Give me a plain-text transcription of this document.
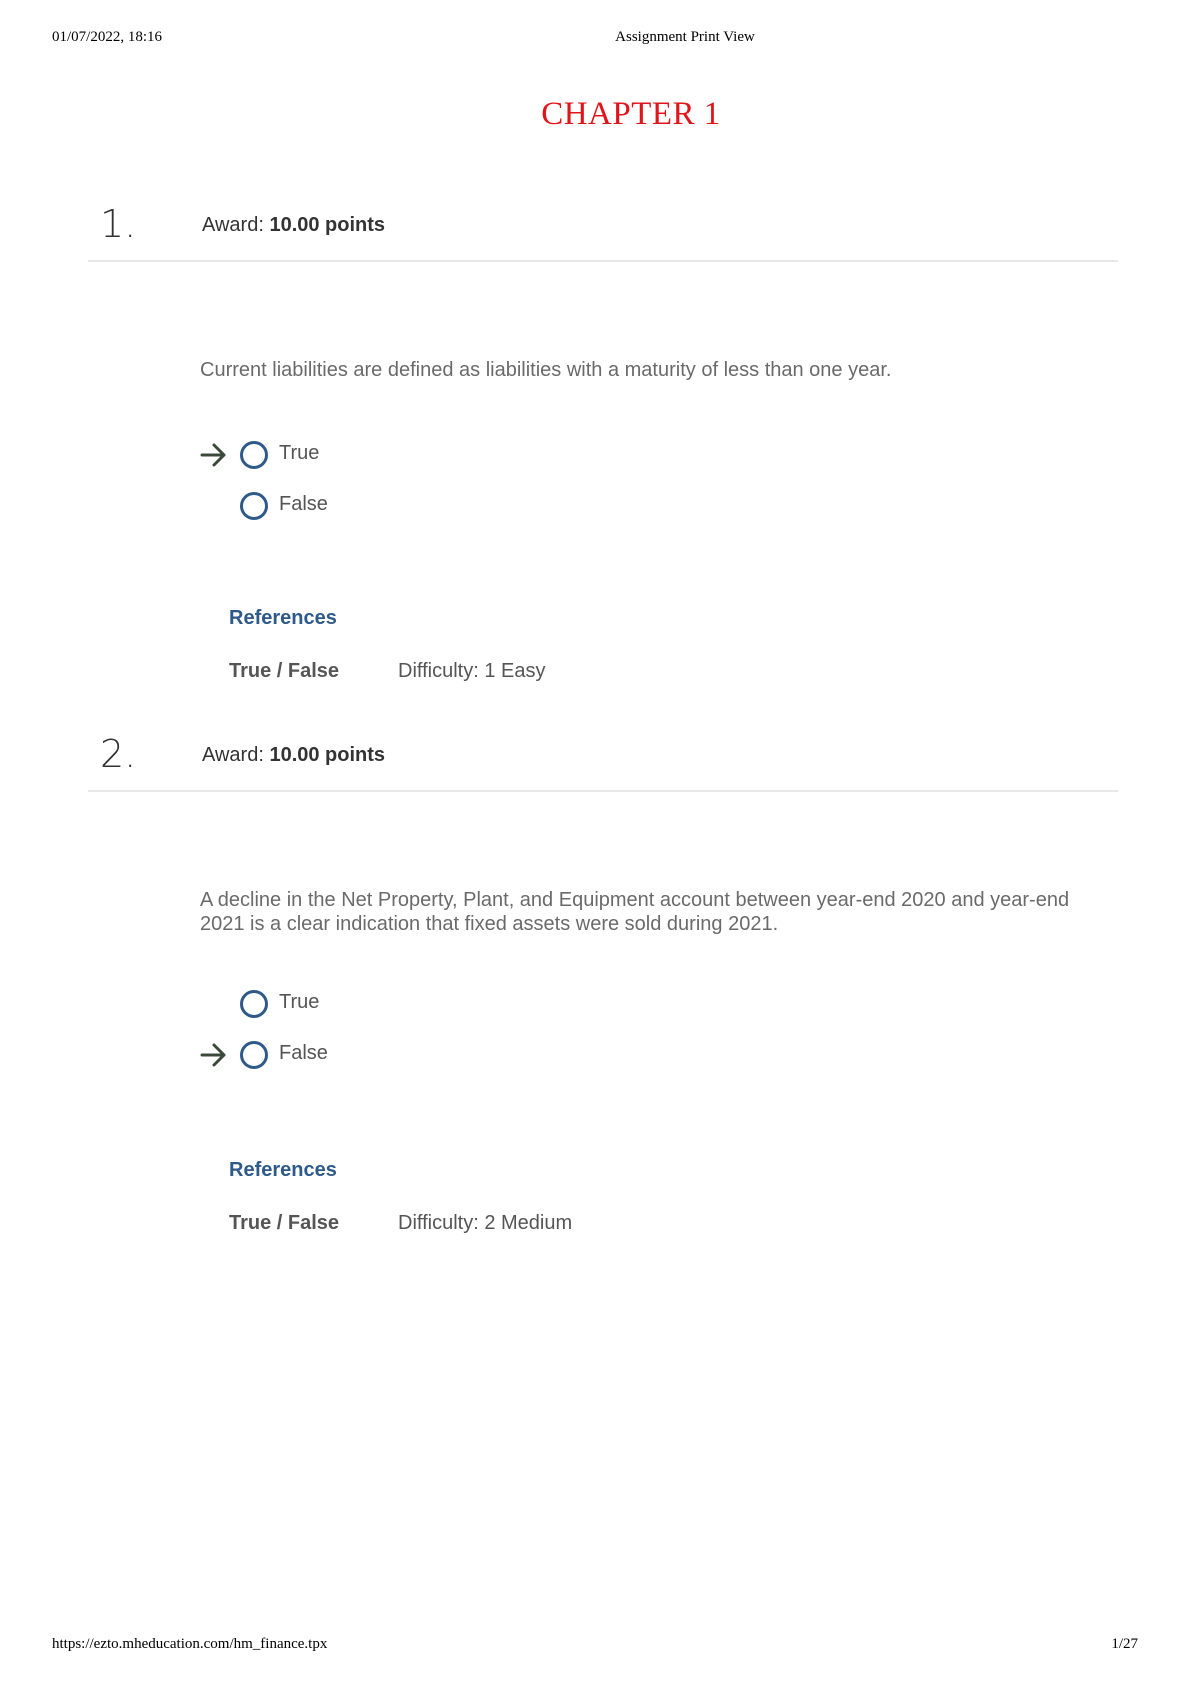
01/07/2022, 18:16	Assignment Print View
CHAPTER 1
1.	Award: 10.00 points
Current liabilities are defined as liabilities with a maturity of less than one year.
True
False
References
True / False	Difficulty: 1 Easy
2.	Award: 10.00 points
A decline in the Net Property, Plant, and Equipment account between year-end 2020 and year-end 2021 is a clear indication that fixed assets were sold during 2021.
True
False
References
True / False	Difficulty: 2 Medium
https://ezto.mheducation.com/hm_finance.tpx	1/27
